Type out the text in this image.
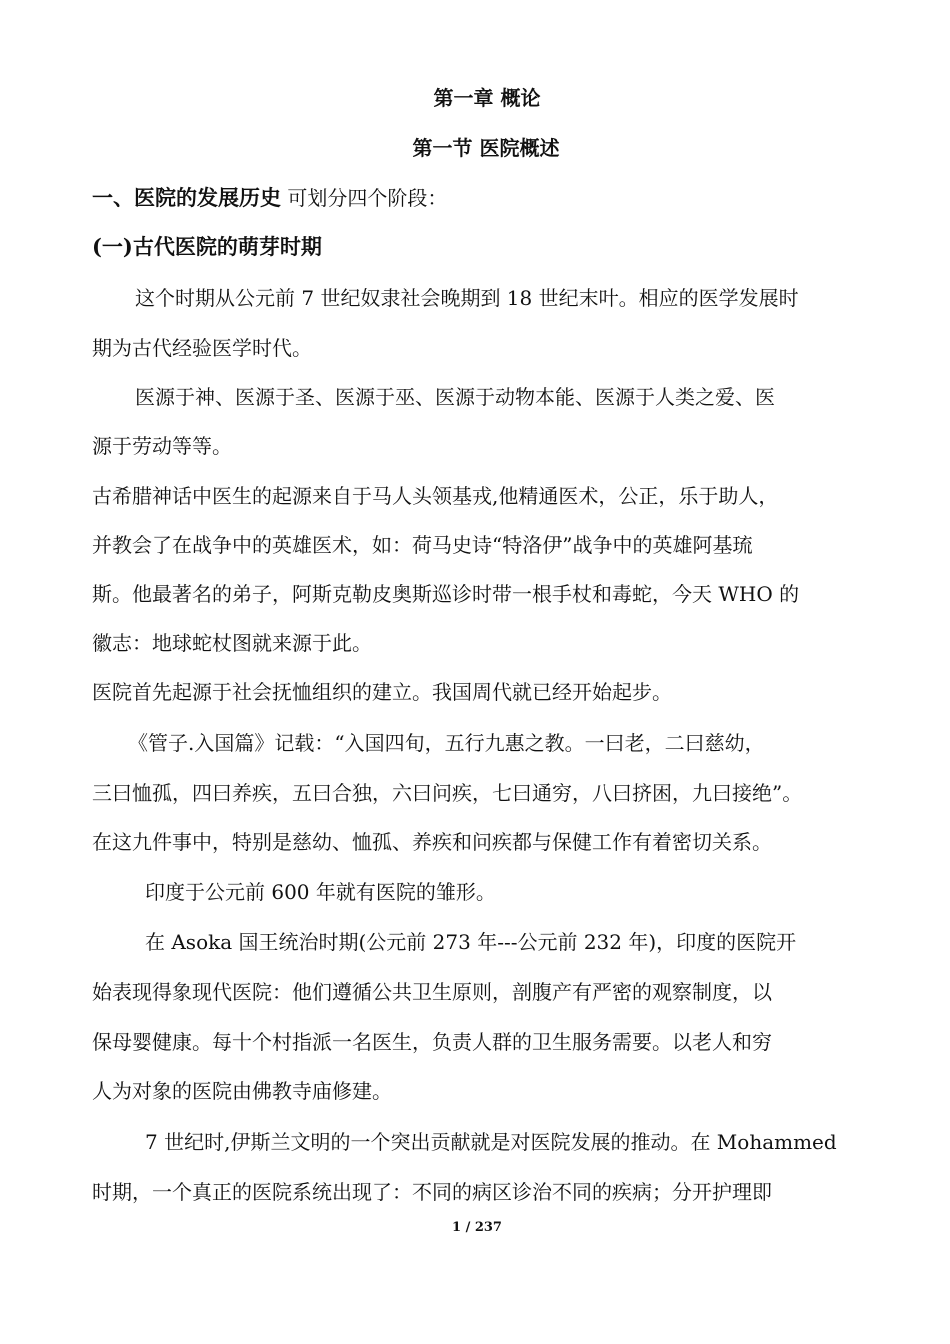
第一章 概论
第一节 医院概述
一、医院的发展历史 可划分四个阶段：
(一)古代医院的萌芽时期
这个时期从公元前 7 世纪奴隶社会晚期到 18 世纪末叶。相应的医学发展时
期为古代经验医学时代。
医源于神、医源于圣、医源于巫、医源于动物本能、医源于人类之爱、医
源于劳动等等。
古希腊神话中医生的起源来自于马人头领基戎,他精通医术，公正，乐于助人，
并教会了在战争中的英雄医术，如：荷马史诗“特洛伊”战争中的英雄阿基琉
斯。他最著名的弟子，阿斯克勒皮奥斯巡诊时带一根手杖和毒蛇，今天 WHO 的
徽志：地球蛇杖图就来源于此。
医院首先起源于社会抚恤组织的建立。我国周代就已经开始起步。
《管子.入国篇》记载：“入国四旬，五行九惠之教。一曰老，二曰慈幼，
三曰恤孤，四曰养疾，五曰合独，六曰问疾，七曰通穷，八曰挤困，九曰接绝”。
在这九件事中，特别是慈幼、恤孤、养疾和问疾都与保健工作有着密切关系。
印度于公元前 600 年就有医院的雏形。
在 Asoka 国王统治时期(公元前 273 年---公元前 232 年)，印度的医院开
始表现得象现代医院：他们遵循公共卫生原则，剖腹产有严密的观察制度，以
保母婴健康。每十个村指派一名医生，负责人群的卫生服务需要。以老人和穷
人为对象的医院由佛教寺庙修建。
7 世纪时,伊斯兰文明的一个突出贡献就是对医院发展的推动。在 Mohammed
时期，一个真正的医院系统出现了：不同的病区诊治不同的疾病；分开护理即
1 / 237
